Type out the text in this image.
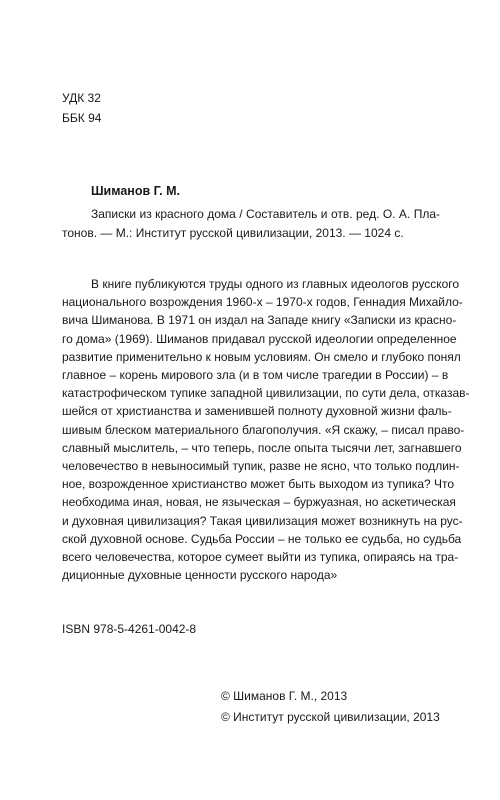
УДК 32
ББК 94
Шиманов Г. М.
Записки из красного дома / Составитель и отв. ред. О. А. Пла-
тонов. — М.: Институт русской цивилизации, 2013. — 1024 с.
В книге публикуются труды одного из главных идеологов русского
национального возрождения 1960-х – 1970-х годов, Геннадия Михайло-
вича Шиманова. В 1971 он издал на Западе книгу «Записки из красно-
го дома» (1969). Шиманов придавал русской идеологии определенное
развитие применительно к новым условиям. Он смело и глубоко понял
главное – корень мирового зла (и в том числе трагедии в России) – в
катастрофическом тупике западной цивилизации, по сути дела, отказав-
шейся от христианства и заменившей полноту духовной жизни фаль-
шивым блеском материального благополучия. «Я скажу, – писал право-
славный мыслитель, – что теперь, после опыта тысячи лет, загнавшего
человечество в невыносимый тупик, разве не ясно, что только подлин-
ное, возрожденное христианство может быть выходом из тупика? Что
необходима иная, новая, не языческая – буржуазная, но аскетическая
и духовная цивилизация? Такая цивилизация может возникнуть на рус-
ской духовной основе. Судьба России – не только ее судьба, но судьба
всего человечества, которое сумеет выйти из тупика, опираясь на тра-
диционные духовные ценности русского народа»
ISBN 978-5-4261-0042-8
© Шиманов Г. М., 2013
© Институт русской цивилизации, 2013
